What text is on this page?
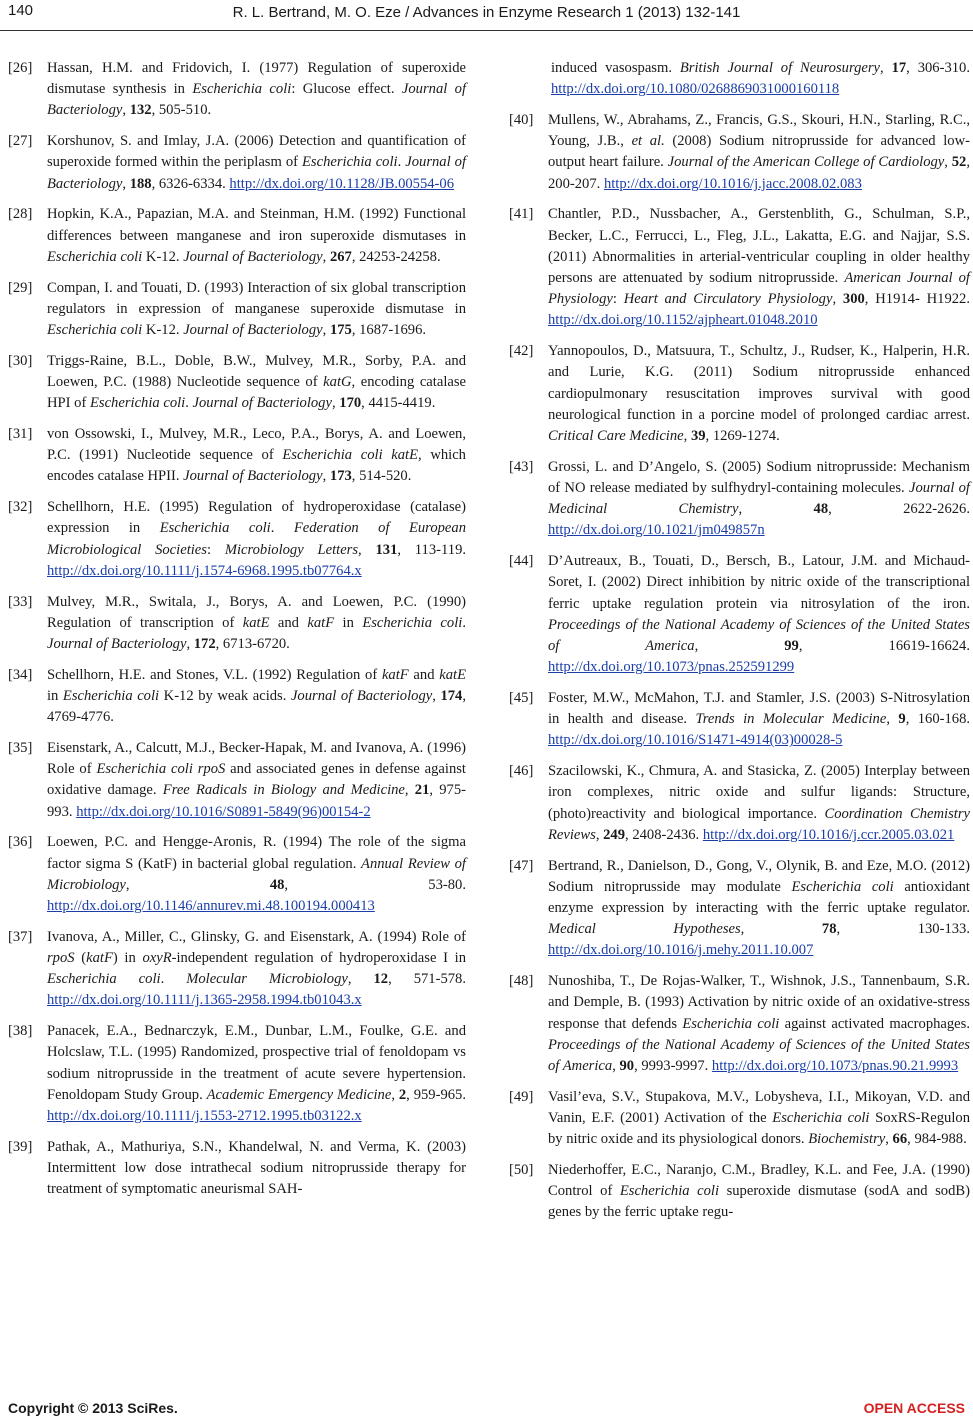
140	R. L. Bertrand, M. O. Eze / Advances in Enzyme Research 1 (2013) 132-141
[26]	Hassan, H.M. and Fridovich, I. (1977) Regulation of superoxide dismutase synthesis in Escherichia coli: Glucose effect. Journal of Bacteriology, 132, 505-510.
[27]	Korshunov, S. and Imlay, J.A. (2006) Detection and quantification of superoxide formed within the periplasm of Escherichia coli. Journal of Bacteriology, 188, 6326-6334. http://dx.doi.org/10.1128/JB.00554-06
[28]	Hopkin, K.A., Papazian, M.A. and Steinman, H.M. (1992) Functional differences between manganese and iron superoxide dismutases in Escherichia coli K-12. Journal of Bacteriology, 267, 24253-24258.
[29]	Compan, I. and Touati, D. (1993) Interaction of six global transcription regulators in expression of manganese superoxide dismutase in Escherichia coli K-12. Journal of Bacteriology, 175, 1687-1696.
[30]	Triggs-Raine, B.L., Doble, B.W., Mulvey, M.R., Sorby, P.A. and Loewen, P.C. (1988) Nucleotide sequence of katG, encoding catalase HPI of Escherichia coli. Journal of Bacteriology, 170, 4415-4419.
[31]	von Ossowski, I., Mulvey, M.R., Leco, P.A., Borys, A. and Loewen, P.C. (1991) Nucleotide sequence of Escherichia coli katE, which encodes catalase HPII. Journal of Bacteriology, 173, 514-520.
[32]	Schellhorn, H.E. (1995) Regulation of hydroperoxidase (catalase) expression in Escherichia coli. Federation of European Microbiological Societies: Microbiology Letters, 131, 113-119. http://dx.doi.org/10.1111/j.1574-6968.1995.tb07764.x
[33]	Mulvey, M.R., Switala, J., Borys, A. and Loewen, P.C. (1990) Regulation of transcription of katE and katF in Escherichia coli. Journal of Bacteriology, 172, 6713-6720.
[34]	Schellhorn, H.E. and Stones, V.L. (1992) Regulation of katF and katE in Escherichia coli K-12 by weak acids. Journal of Bacteriology, 174, 4769-4776.
[35]	Eisenstark, A., Calcutt, M.J., Becker-Hapak, M. and Ivanova, A. (1996) Role of Escherichia coli rpoS and associated genes in defense against oxidative damage. Free Radicals in Biology and Medicine, 21, 975-993. http://dx.doi.org/10.1016/S0891-5849(96)00154-2
[36]	Loewen, P.C. and Hengge-Aronis, R. (1994) The role of the sigma factor sigma S (KatF) in bacterial global regulation. Annual Review of Microbiology, 48, 53-80. http://dx.doi.org/10.1146/annurev.mi.48.100194.000413
[37]	Ivanova, A., Miller, C., Glinsky, G. and Eisenstark, A. (1994) Role of rpoS (katF) in oxyR-independent regulation of hydroperoxidase I in Escherichia coli. Molecular Microbiology, 12, 571-578. http://dx.doi.org/10.1111/j.1365-2958.1994.tb01043.x
[38]	Panacek, E.A., Bednarczyk, E.M., Dunbar, L.M., Foulke, G.E. and Holcslaw, T.L. (1995) Randomized, prospective trial of fenoldopam vs sodium nitroprusside in the treatment of acute severe hypertension. Fenoldopam Study Group. Academic Emergency Medicine, 2, 959-965. http://dx.doi.org/10.1111/j.1553-2712.1995.tb03122.x
[39]	Pathak, A., Mathuriya, S.N., Khandelwal, N. and Verma, K. (2003) Intermittent low dose intrathecal sodium nitroprusside therapy for treatment of symptomatic aneurismal SAH-
induced vasospasm. British Journal of Neurosurgery, 17, 306-310. http://dx.doi.org/10.1080/0268869031000160118
[40]	Mullens, W., Abrahams, Z., Francis, G.S., Skouri, H.N., Starling, R.C., Young, J.B., et al. (2008) Sodium nitroprusside for advanced low-output heart failure. Journal of the American College of Cardiology, 52, 200-207. http://dx.doi.org/10.1016/j.jacc.2008.02.083
[41]	Chantler, P.D., Nussbacher, A., Gerstenblith, G., Schulman, S.P., Becker, L.C., Ferrucci, L., Fleg, J.L., Lakatta, E.G. and Najjar, S.S. (2011) Abnormalities in arterial-ventricular coupling in older healthy persons are attenuated by sodium nitroprusside. American Journal of Physiology: Heart and Circulatory Physiology, 300, H1914- H1922. http://dx.doi.org/10.1152/ajpheart.01048.2010
[42]	Yannopoulos, D., Matsuura, T., Schultz, J., Rudser, K., Halperin, H.R. and Lurie, K.G. (2011) Sodium nitroprusside enhanced cardiopulmonary resuscitation improves survival with good neurological function in a porcine model of prolonged cardiac arrest. Critical Care Medicine, 39, 1269-1274.
[43]	Grossi, L. and D’Angelo, S. (2005) Sodium nitroprusside: Mechanism of NO release mediated by sulfhydryl-containing molecules. Journal of Medicinal Chemistry, 48, 2622-2626. http://dx.doi.org/10.1021/jm049857n
[44]	D’Autreaux, B., Touati, D., Bersch, B., Latour, J.M. and Michaud-Soret, I. (2002) Direct inhibition by nitric oxide of the transcriptional ferric uptake regulation protein via nitrosylation of the iron. Proceedings of the National Academy of Sciences of the United States of America, 99, 16619-16624. http://dx.doi.org/10.1073/pnas.252591299
[45]	Foster, M.W., McMahon, T.J. and Stamler, J.S. (2003) S-Nitrosylation in health and disease. Trends in Molecular Medicine, 9, 160-168. http://dx.doi.org/10.1016/S1471-4914(03)00028-5
[46]	Szacilowski, K., Chmura, A. and Stasicka, Z. (2005) Interplay between iron complexes, nitric oxide and sulfur ligands: Structure, (photo)reactivity and biological importance. Coordination Chemistry Reviews, 249, 2408-2436. http://dx.doi.org/10.1016/j.ccr.2005.03.021
[47]	Bertrand, R., Danielson, D., Gong, V., Olynik, B. and Eze, M.O. (2012) Sodium nitroprusside may modulate Escherichia coli antioxidant enzyme expression by interacting with the ferric uptake regulator. Medical Hypotheses, 78, 130-133. http://dx.doi.org/10.1016/j.mehy.2011.10.007
[48]	Nunoshiba, T., De Rojas-Walker, T., Wishnok, J.S., Tannenbaum, S.R. and Demple, B. (1993) Activation by nitric oxide of an oxidative-stress response that defends Escherichia coli against activated macrophages. Proceedings of the National Academy of Sciences of the United States of America, 90, 9993-9997. http://dx.doi.org/10.1073/pnas.90.21.9993
[49]	Vasil’eva, S.V., Stupakova, M.V., Lobysheva, I.I., Mikoyan, V.D. and Vanin, E.F. (2001) Activation of the Escherichia coli SoxRS-Regulon by nitric oxide and its physiological donors. Biochemistry, 66, 984-988.
[50]	Niederhoffer, E.C., Naranjo, C.M., Bradley, K.L. and Fee, J.A. (1990) Control of Escherichia coli superoxide dismutase (sodA and sodB) genes by the ferric uptake regu-
Copyright © 2013 SciRes.	OPEN ACCESS
